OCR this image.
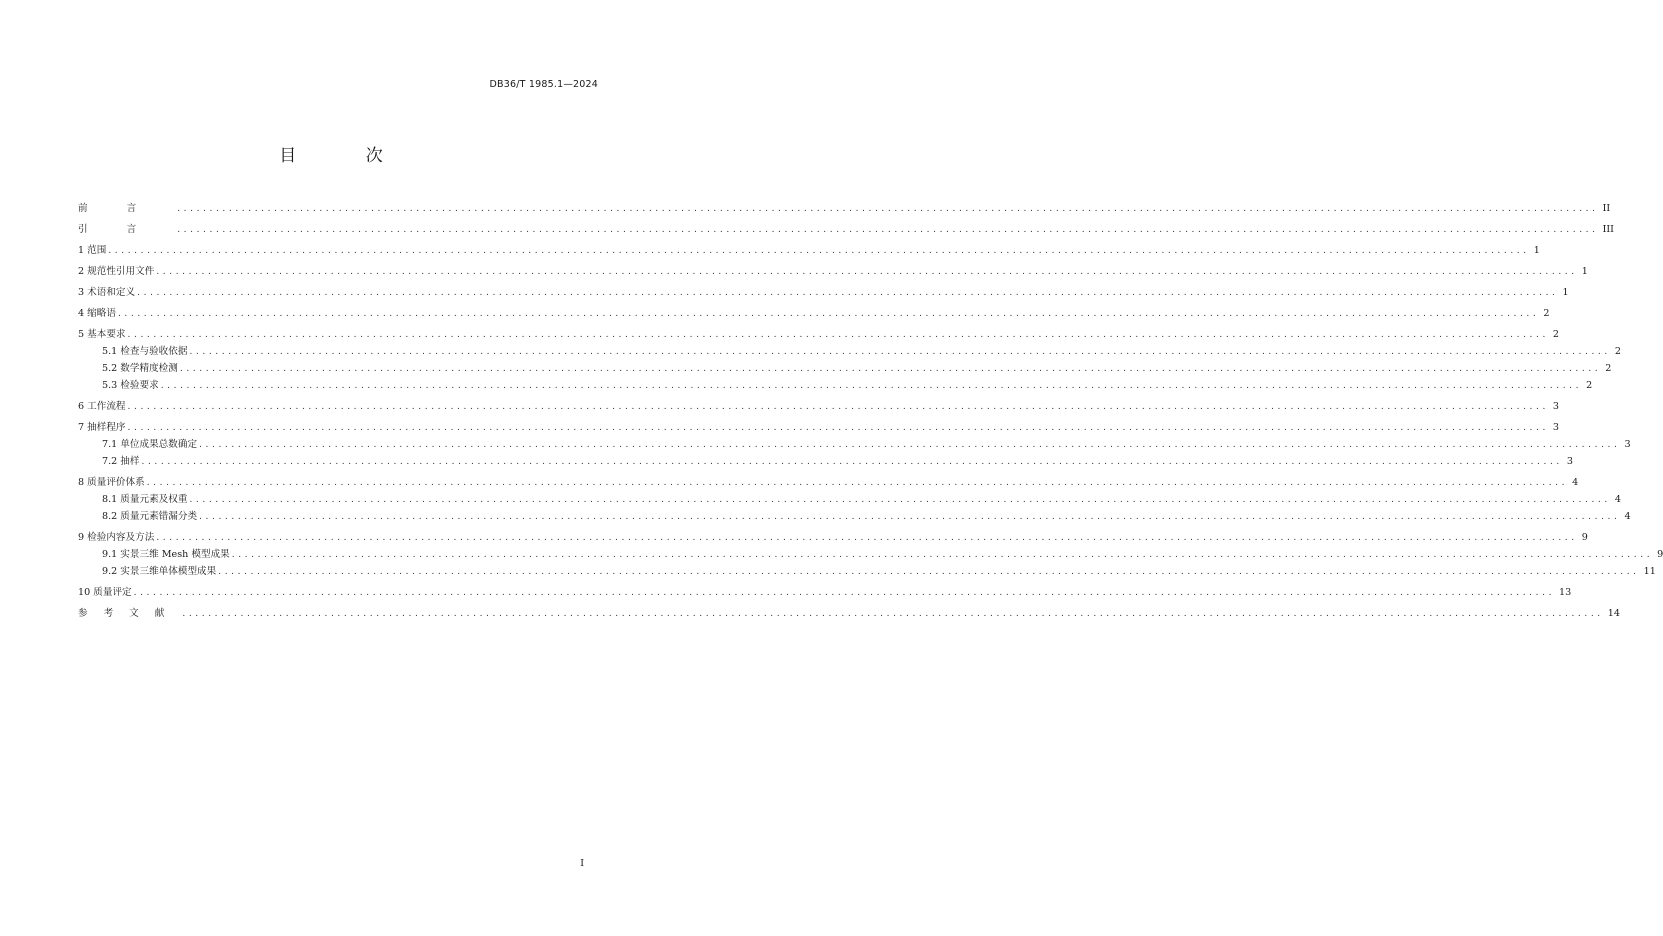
DB36/T 1985.1—2024
目 次
前言 ............................................................................................................................................................................................................................ II
引言 ............................................................................................................................................................................................................................ III
1 范围 ............................................................................................................................................................................................................................ 1
2 规范性引用文件 ............................................................................................................................................................................................................................ 1
3 术语和定义 ............................................................................................................................................................................................................................ 1
4 缩略语 ............................................................................................................................................................................................................................ 2
5 基本要求 ............................................................................................................................................................................................................................ 2
5.1 检查与验收依据 ............................................................................................................................................................................................................................ 2
5.2 数学精度检测 ............................................................................................................................................................................................................................ 2
5.3 检验要求 ............................................................................................................................................................................................................................ 2
6 工作流程 ............................................................................................................................................................................................................................ 3
7 抽样程序 ............................................................................................................................................................................................................................ 3
7.1 单位成果总数确定 ............................................................................................................................................................................................................................ 3
7.2 抽样 ............................................................................................................................................................................................................................ 3
8 质量评价体系 ............................................................................................................................................................................................................................ 4
8.1 质量元素及权重 ............................................................................................................................................................................................................................ 4
8.2 质量元素错漏分类 ............................................................................................................................................................................................................................ 4
9 检验内容及方法 ............................................................................................................................................................................................................................ 9
9.1 实景三维 Mesh 模型成果 ............................................................................................................................................................................................................................ 9
9.2 实景三维单体模型成果 ............................................................................................................................................................................................................................ 11
10 质量评定 ............................................................................................................................................................................................................................ 13
参考文献 ............................................................................................................................................................................................................................ 14
I
